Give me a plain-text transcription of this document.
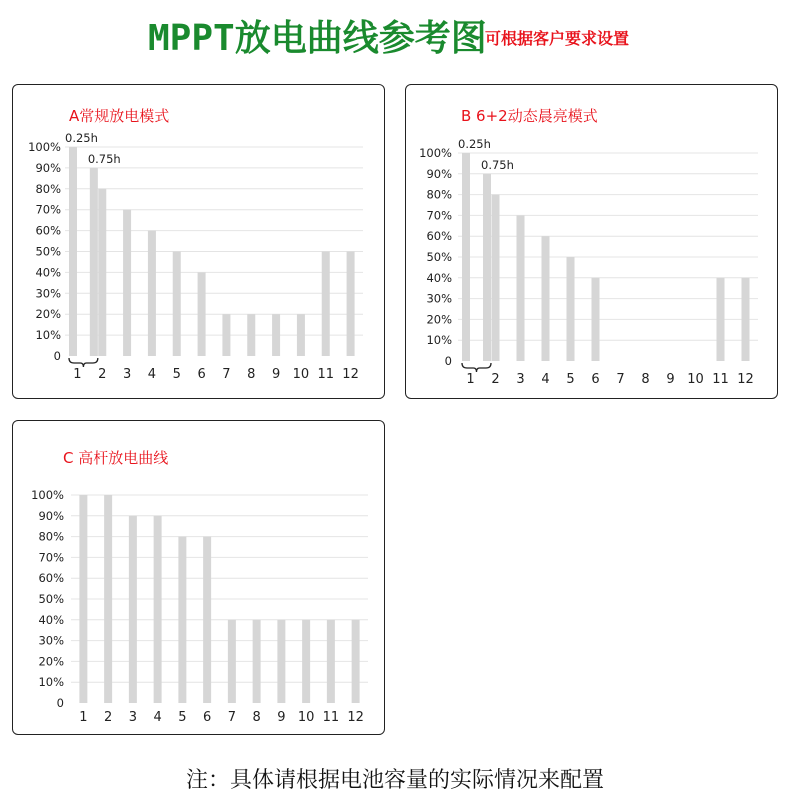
MPPT放电曲线参考图
可根据客户要求设置
A常规放电模式
0
10%
20%
30%
40%
50%
60%
70%
80%
90%
100%
1 2 3 4 5 6 7 8 9 10 11 12
0.25h
0.75h
B 6+2动态晨亮模式
0
10%
20%
30%
40%
50%
60%
70%
80%
90%
100%
1 2 3 4 5 6 7 8 9 10 11 12
0.25h
0.75h
C 高杆放电曲线
0
10%
20%
30%
40%
50%
60%
70%
80%
90%
100%
1 2 3 4 5 6 7 8 9 10 11 12
注：具体请根据电池容量的实际情况来配置
